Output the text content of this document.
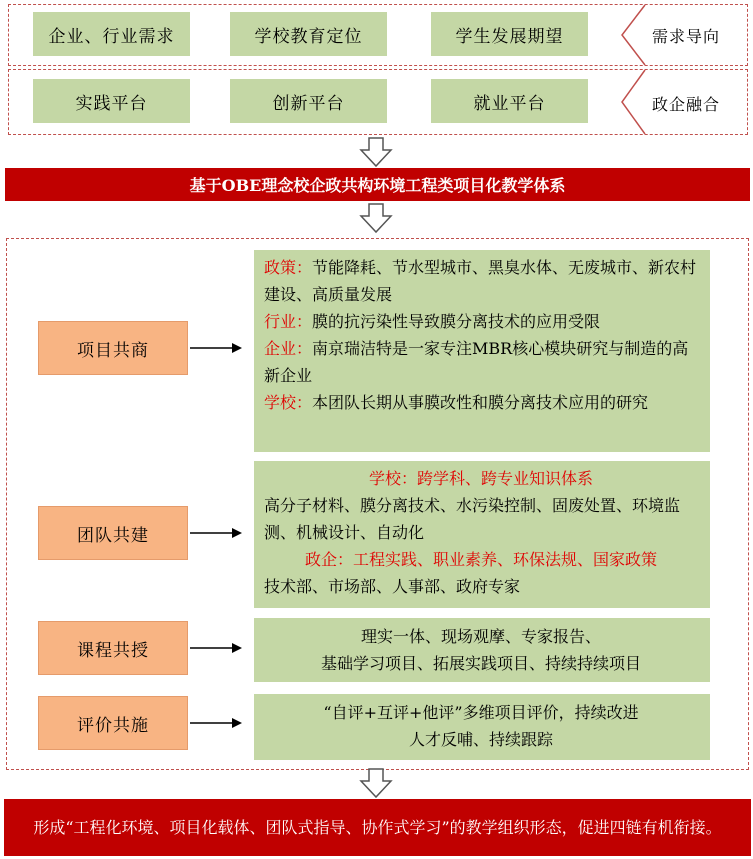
企业、行业需求	学校教育定位	学生发展期望
实践平台	创新平台	就业平台
需求导向
政企融合
基于OBE理念校企政共构环境工程类项目化教学体系
项目共商
政策：节能降耗、节水型城市、黑臭水体、无废城市、新农村建设、高质量发展
行业：膜的抗污染性导致膜分离技术的应用受限
企业：南京瑞洁特是一家专注MBR核心模块研究与制造的高新企业
学校：本团队长期从事膜改性和膜分离技术应用的研究
团队共建
学校：跨学科、跨专业知识体系
高分子材料、膜分离技术、水污染控制、固废处置、环境监测、机械设计、自动化
政企：工程实践、职业素养、环保法规、国家政策
技术部、市场部、人事部、政府专家
课程共授
理实一体、现场观摩、专家报告、
基础学习项目、拓展实践项目、持续持续项目
评价共施
“自评+互评+他评”多维项目评价，持续改进
人才反哺、持续跟踪
形成“工程化环境、项目化载体、团队式指导、协作式学习”的教学组织形态，促进四链有机衔接。
